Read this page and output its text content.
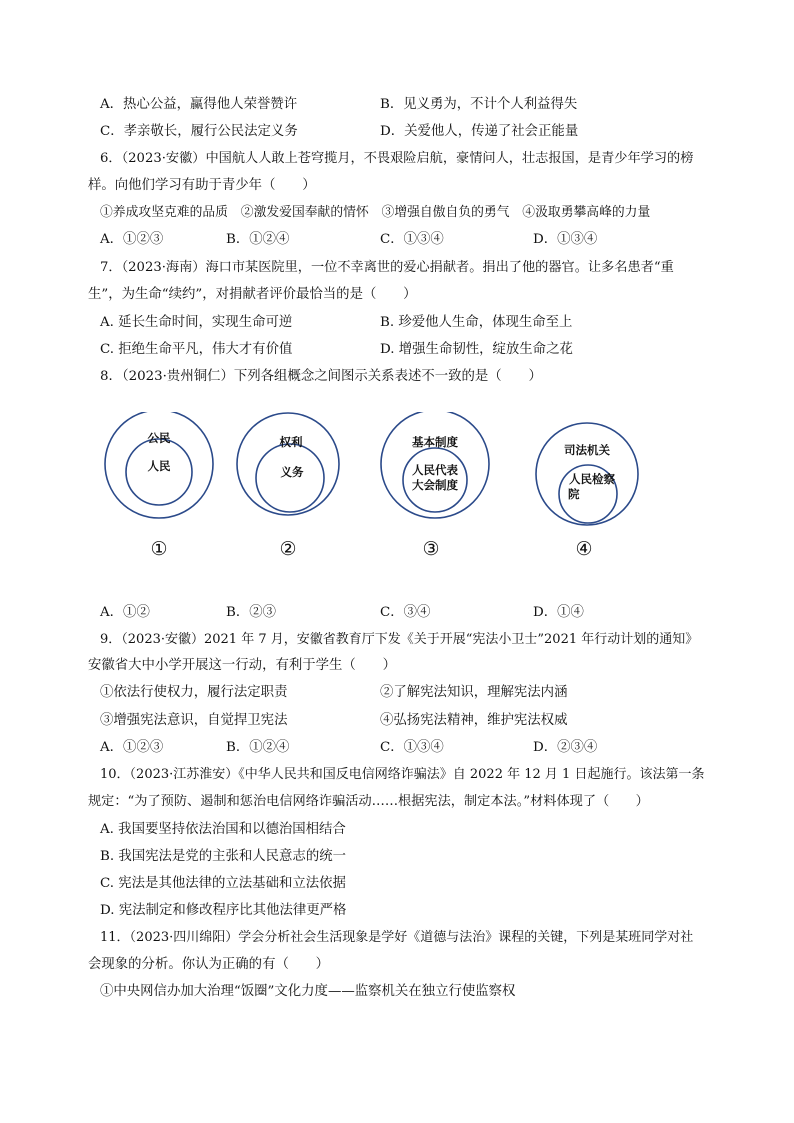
A．热心公益，赢得他人荣誉赞许	B．见义勇为，不计个人利益得失
C．孝亲敬长，履行公民法定义务	D．关爱他人，传递了社会正能量
6．（2023·安徽）中国航人人敢上苍穹揽月，不畏艰险启航，豪情问人，壮志报国，是青少年学习的榜
样。向他们学习有助于青少年（　　）
①养成攻坚克难的品质　②激发爱国奉献的情怀　③增强自傲自负的勇气　④汲取勇攀高峰的力量
A．①②③	B．①②④	C．①③④	D．①③④
7．（2023·海南）海口市某医院里，一位不幸离世的爱心捐献者。捐出了他的器官。让多名患者“重
生”，为生命“续约”，对捐献者评价最恰当的是（　　）
A. 延长生命时间，实现生命可逆	B. 珍爱他人生命，体现生命至上
C. 拒绝生命平凡，伟大才有价值	D. 增强生命韧性，绽放生命之花
8．（2023·贵州铜仁）下列各组概念之间图示关系表述不一致的是（　　）
公民
人民
①
权利
义务
②
基本制度
人民代表
大会制度
③
司法机关
人民检察
院
④
A．①②	B．②③	C．③④	D．①④
9．（2023·安徽）2021 年 7 月，安徽省教育厅下发《关于开展“宪法小卫士”2021 年行动计划的通知》
安徽省大中小学开展这一行动，有利于学生（　　）
①依法行使权力，履行法定职责	②了解宪法知识，理解宪法内涵
③增强宪法意识，自觉捍卫宪法	④弘扬宪法精神，维护宪法权威
A．①②③	B．①②④	C．①③④	D．②③④
10．（2023·江苏淮安）《中华人民共和国反电信网络诈骗法》自 2022 年 12 月 1 日起施行。该法第一条
规定：“为了预防、遏制和惩治电信网络诈骗活动……根据宪法，制定本法。”材料体现了（　　）
A. 我国要坚持依法治国和以德治国相结合
B. 我国宪法是党的主张和人民意志的统一
C. 宪法是其他法律的立法基础和立法依据
D. 宪法制定和修改程序比其他法律更严格
11．（2023·四川绵阳）学会分析社会生活现象是学好《道德与法治》课程的关键，下列是某班同学对社
会现象的分析。你认为正确的有（　　）
①中央网信办加大治理“饭圈”文化力度——监察机关在独立行使监察权
